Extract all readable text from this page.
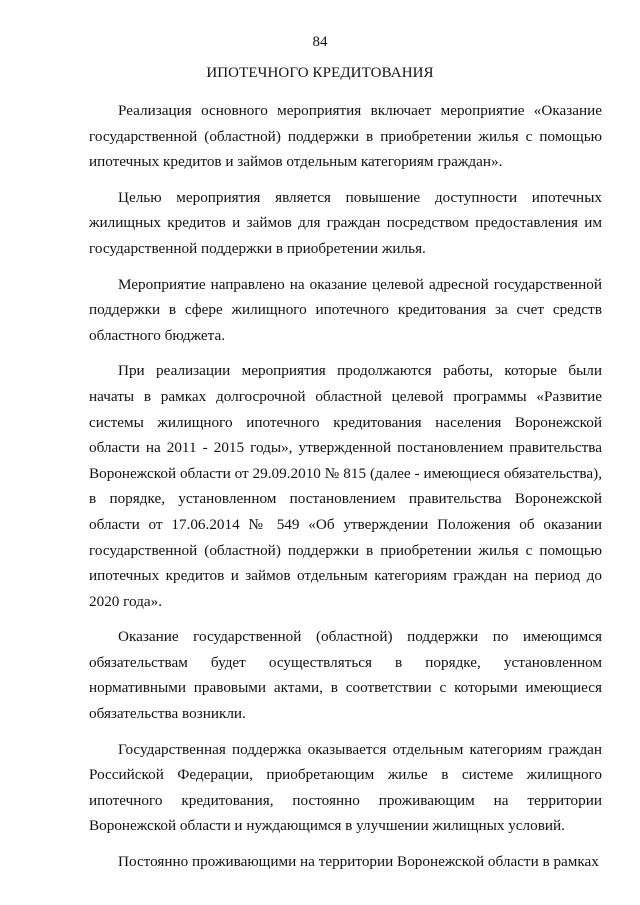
84
ИПОТЕЧНОГО КРЕДИТОВАНИЯ

Реализация основного мероприятия включает мероприятие «Оказание государственной (областной) поддержки в приобретении жилья с помощью ипотечных кредитов и займов отдельным категориям граждан».

Целью мероприятия является повышение доступности ипотечных жилищных кредитов и займов для граждан посредством предоставления им государственной поддержки в приобретении жилья.

Мероприятие направлено на оказание целевой адресной государственной поддержки в сфере жилищного ипотечного кредитования за счет средств областного бюджета.

При реализации мероприятия продолжаются работы, которые были начаты в рамках долгосрочной областной целевой программы «Развитие системы жилищного ипотечного кредитования населения Воронежской области на 2011 - 2015 годы», утвержденной постановлением правительства Воронежской области от 29.09.2010 № 815 (далее - имеющиеся обязательства), в порядке, установленном постановлением правительства Воронежской области от 17.06.2014 № 549 «Об утверждении Положения об оказании государственной (областной) поддержки в приобретении жилья с помощью ипотечных кредитов и займов отдельным категориям граждан на период до 2020 года».

Оказание государственной (областной) поддержки по имеющимся обязательствам будет осуществляться в порядке, установленном нормативными правовыми актами, в соответствии с которыми имеющиеся обязательства возникли.

Государственная поддержка оказывается отдельным категориям граждан Российской Федерации, приобретающим жилье в системе жилищного ипотечного кредитования, постоянно проживающим на территории Воронежской области и нуждающимся в улучшении жилищных условий.

Постоянно проживающими на территории Воронежской области в рамках
